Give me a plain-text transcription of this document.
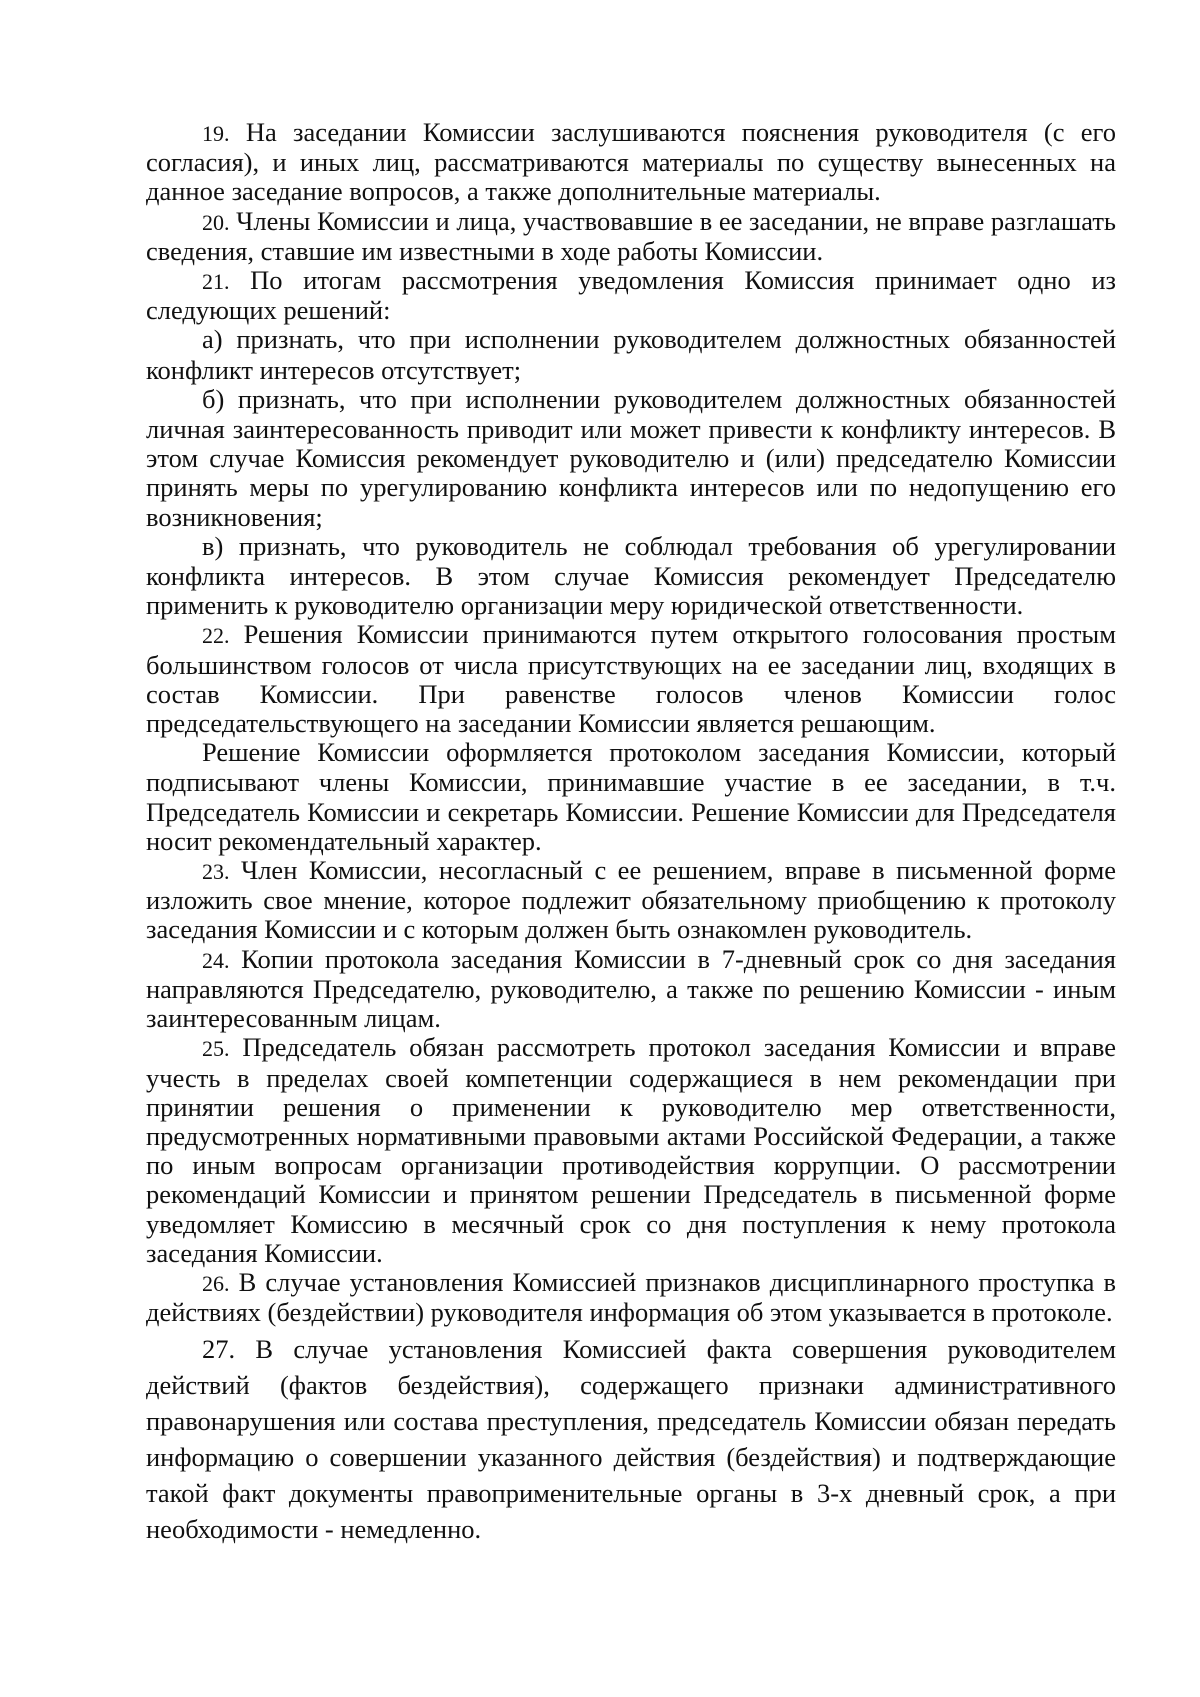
19. На заседании Комиссии заслушиваются пояснения руководителя (с его согласия), и иных лиц, рассматриваются материалы по существу вынесенных на данное заседание вопросов, а также дополнительные материалы.

20. Члены Комиссии и лица, участвовавшие в ее заседании, не вправе разглашать сведения, ставшие им известными в ходе работы Комиссии.

21. По итогам рассмотрения уведомления Комиссия принимает одно из следующих решений:

а) признать, что при исполнении руководителем должностных обязанностей конфликт интересов отсутствует;

б) признать, что при исполнении руководителем должностных обязанностей личная заинтересованность приводит или может привести к конфликту интересов. В этом случае Комиссия рекомендует руководителю и (или) председателю Комиссии принять меры по урегулированию конфликта интересов или по недопущению его возникновения;

в) признать, что руководитель не соблюдал требования об урегулировании конфликта интересов. В этом случае Комиссия рекомендует Председателю применить к руководителю организации меру юридической ответственности.

22. Решения Комиссии принимаются путем открытого голосования простым большинством голосов от числа присутствующих на ее заседании лиц, входящих в состав Комиссии. При равенстве голосов членов Комиссии голос председательствующего на заседании Комиссии является решающим.

Решение Комиссии оформляется протоколом заседания Комиссии, который подписывают члены Комиссии, принимавшие участие в ее заседании, в т.ч. Председатель Комиссии и секретарь Комиссии. Решение Комиссии для Председателя носит рекомендательный характер.

23. Член Комиссии, несогласный с ее решением, вправе в письменной форме изложить свое мнение, которое подлежит обязательному приобщению к протоколу заседания Комиссии и с которым должен быть ознакомлен руководитель.

24. Копии протокола заседания Комиссии в 7-дневный срок со дня заседания направляются Председателю, руководителю, а также по решению Комиссии - иным заинтересованным лицам.

25. Председатель обязан рассмотреть протокол заседания Комиссии и вправе учесть в пределах своей компетенции содержащиеся в нем рекомендации при принятии решения о применении к руководителю мер ответственности, предусмотренных нормативными правовыми актами Российской Федерации, а также по иным вопросам организации противодействия коррупции. О рассмотрении рекомендаций Комиссии и принятом решении Председатель в письменной форме уведомляет Комиссию в месячный срок со дня поступления к нему протокола заседания Комиссии.

26. В случае установления Комиссией признаков дисциплинарного проступка в действиях (бездействии) руководителя информация об этом указывается в протоколе.

27. В случае установления Комиссией факта совершения руководителем действий (фактов бездействия), содержащего признаки административного правонарушения или состава преступления, председатель Комиссии обязан передать информацию о совершении указанного действия (бездействия) и подтверждающие такой факт документы правоприменительные органы в 3-х дневный срок, а при необходимости - немедленно.
